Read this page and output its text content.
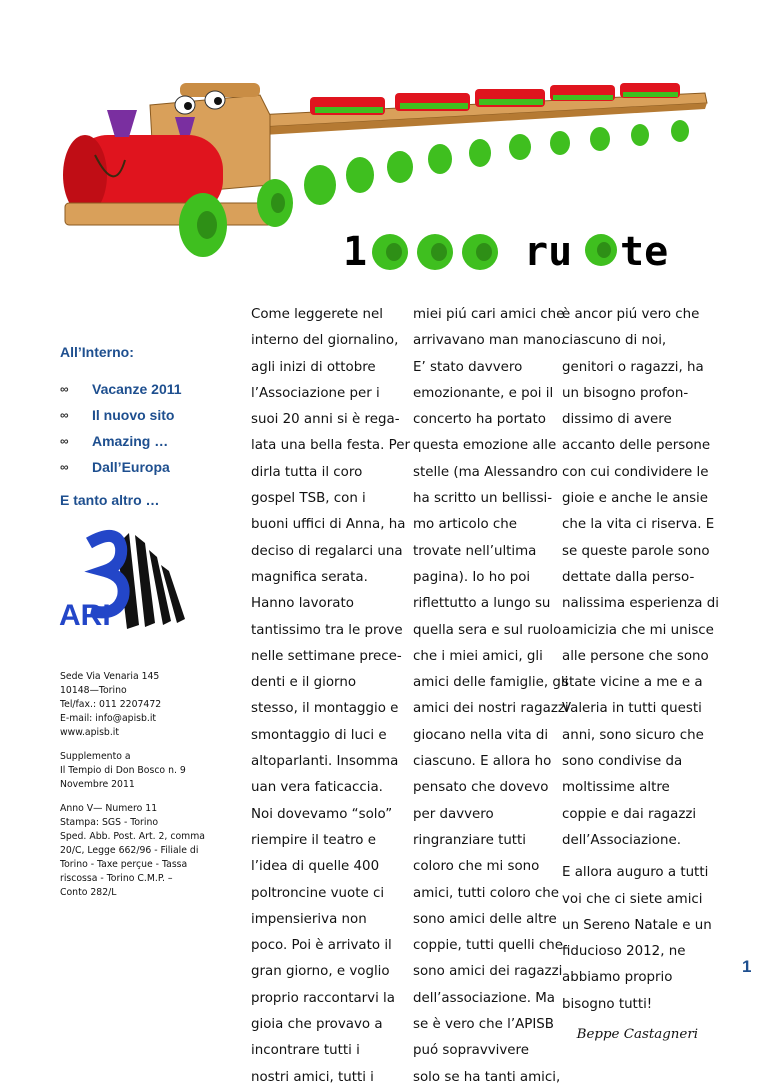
1	ru te

All’Interno:

∞ Vacanze 2011
∞ Il nuovo sito
∞ Amazing …
∞ Dall’Europa

E tanto altro …

ARI

Sede Via Venaria 145
10148—Torino
Tel/fax.: 011 2207472
E-mail: info@apisb.it
www.apisb.it

Supplemento a
Il Tempio di Don Bosco n. 9
Novembre 2011

Anno V— Numero 11
Stampa: SGS - Torino
Sped. Abb. Post. Art. 2, comma
20/C, Legge 662/96 - Filiale di
Torino - Taxe perçue - Tassa
riscossa - Torino C.M.P. –
Conto 282/L

Come leggerete nel
interno del giornalino,
agli inizi di ottobre
l’Associazione per i
suoi 20 anni si è rega-
lata una bella festa. Per
dirla tutta il coro
gospel TSB, con i
buoni uffici di Anna, ha
deciso di regalarci una
magnifica serata.
Hanno lavorato
tantissimo tra le prove
nelle settimane prece-
denti e il giorno
stesso, il montaggio e
smontaggio di luci e
altoparlanti. Insomma
uan vera faticaccia.
Noi dovevamo “solo”
riempire il teatro e
l’idea di quelle 400
poltroncine vuote ci
impensieriva non
poco. Poi è arrivato il
gran giorno, e voglio
proprio raccontarvi la
gioia che provavo a
incontrare tutti i
nostri amici, tutti i
miei piú cari amici che
arrivavano man mano.
E’ stato davvero
emozionante, e poi il
concerto ha portato
questa emozione alle
stelle (ma Alessandro
ha scritto un bellissi-
mo articolo che
trovate nell’ultima
pagina). Io ho poi
riflettutto a lungo su
quella sera e sul ruolo
che i miei amici, gli
amici delle famiglie, gli
amici dei nostri ragazzi
giocano nella vita di
ciascuno. E allora ho
pensato che dovevo
per davvero
ringranziare tutti
coloro che mi sono
amici, tutti coloro che
sono amici delle altre
coppie, tutti quelli che
sono amici dei ragazzi
dell’associazione. Ma
se è vero che l’APISB
puó sopravvivere
solo se ha tanti amici,
è ancor piú vero che
ciascuno di noi,
genitori o ragazzi, ha
un bisogno profon-
dissimo di avere
accanto delle persone
con cui condividere le
gioie e anche le ansie
che la vita ci riserva. E
se queste parole sono
dettate dalla perso-
nalissima esperienza di
amicizia che mi unisce
alle persone che sono
state vicine a me e a
Valeria in tutti questi
anni, sono sicuro che
sono condivise da
moltissime altre
coppie e dai ragazzi
dell’Associazione.
E allora auguro a tutti
voi che ci siete amici
un Sereno Natale e un
fiducioso 2012, ne
abbiamo proprio
bisogno tutti!
Beppe Castagneri
1
